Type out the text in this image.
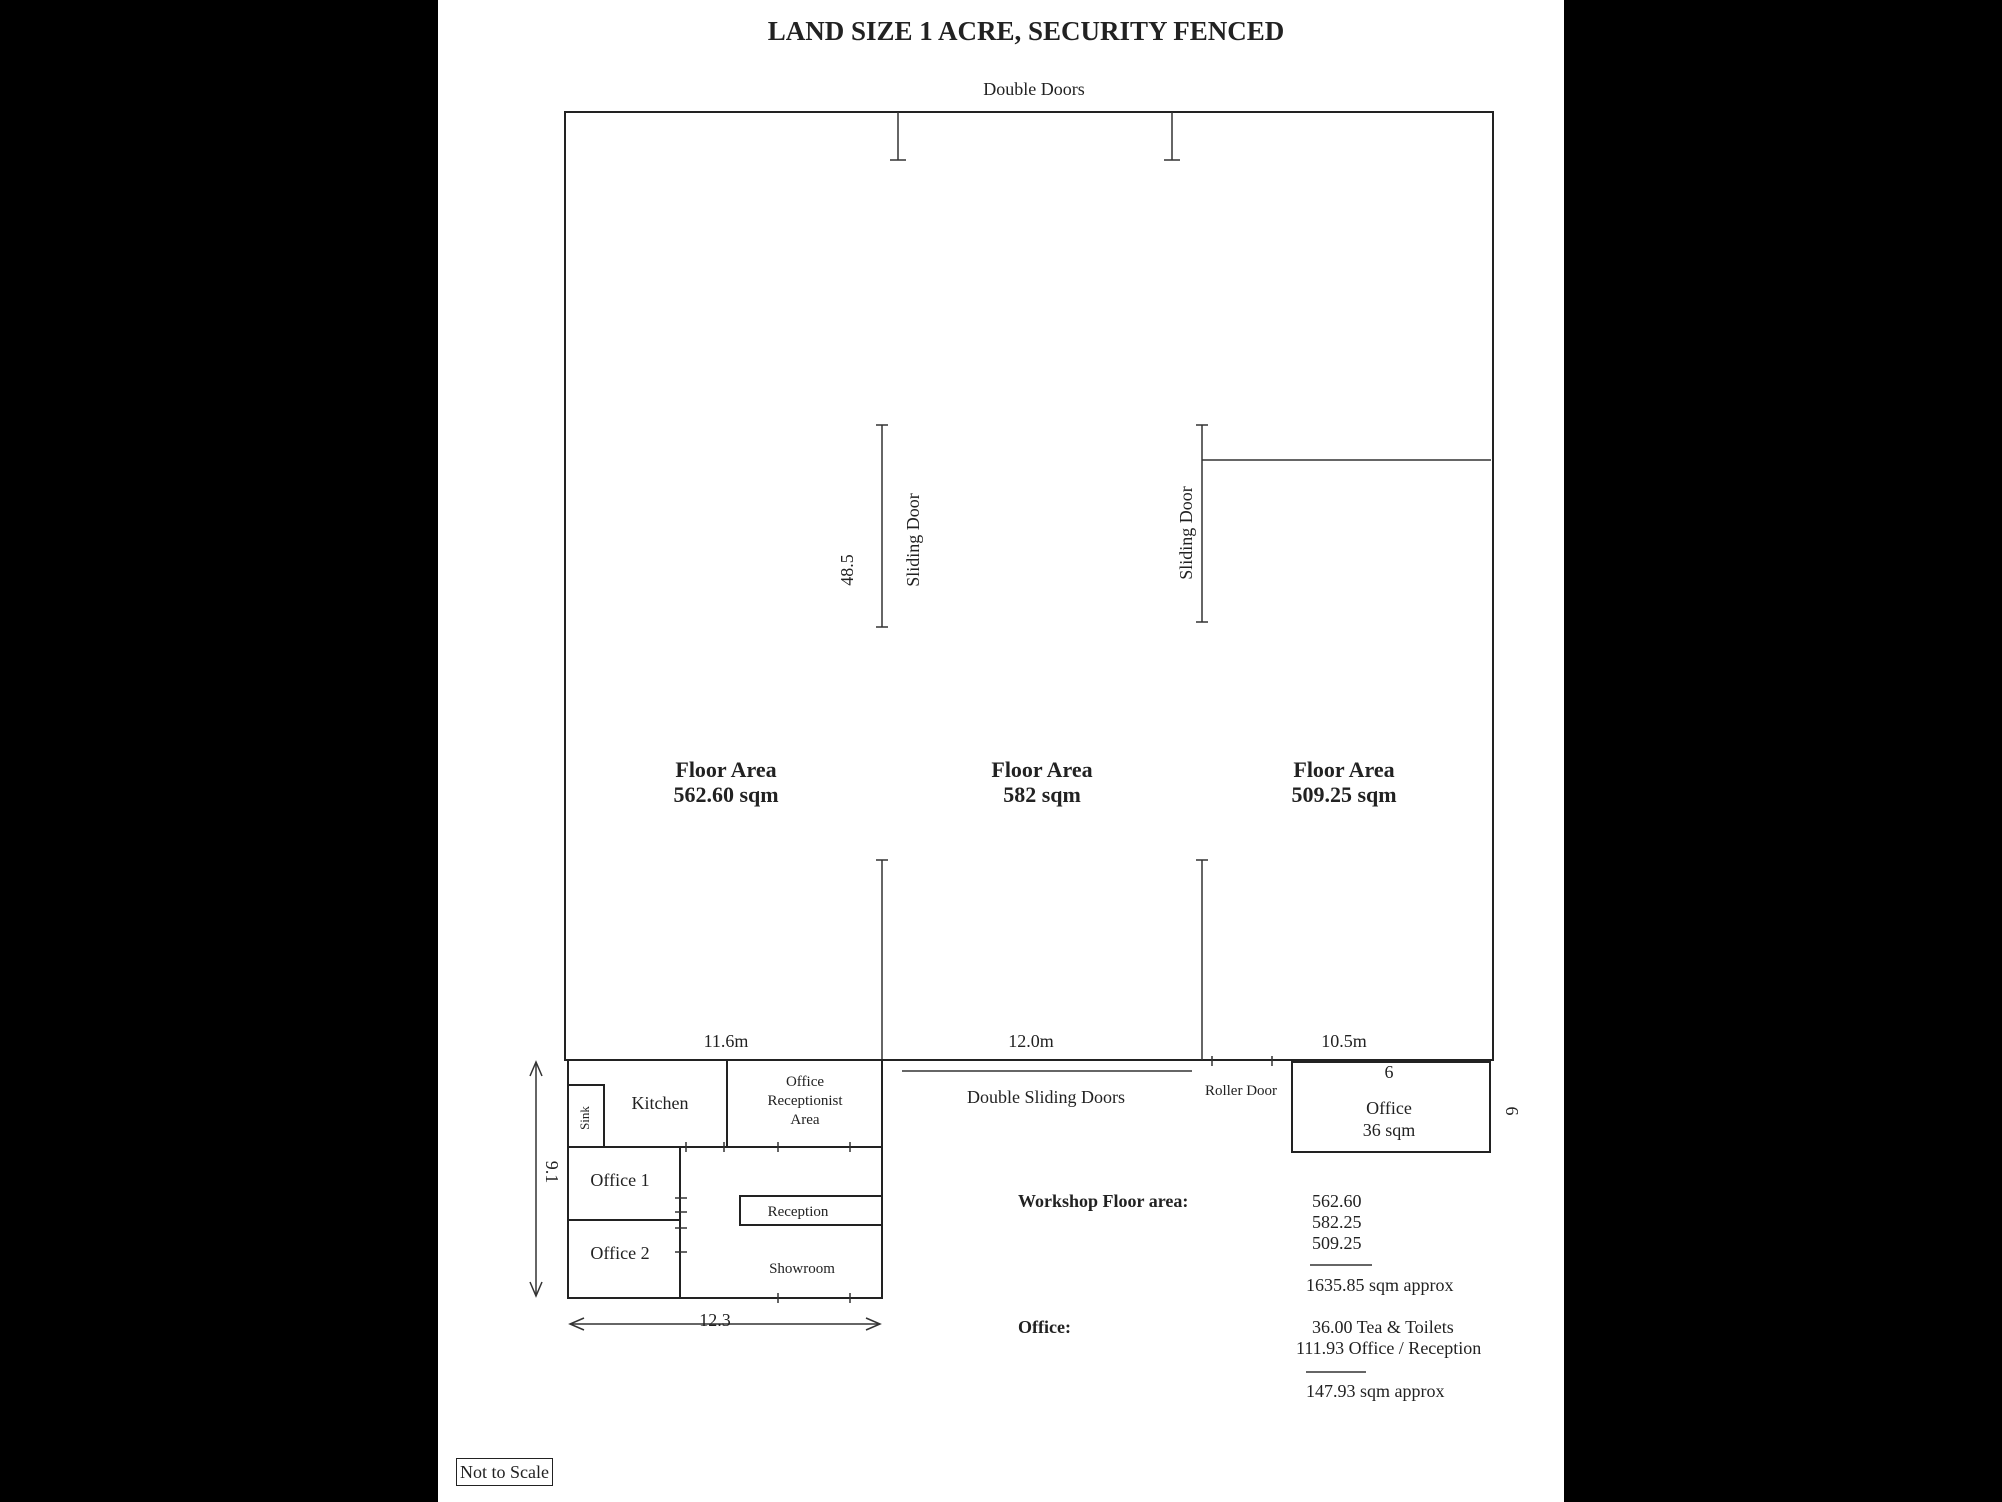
LAND SIZE 1 ACRE, SECURITY FENCED
Double Doors
48.5	Sliding Door	Sliding Door
Floor Area
562.60 sqm
Floor Area
582 sqm
Floor Area
509.25 sqm
11.6m	12.0m	10.5m
Double Sliding Doors	Roller Door
Kitchen
Sink
Office
Receptionist
Area
Office 1
Office 2
Reception
Showroom
9.1
12.3
6
Office
36 sqm
6
Workshop Floor area:	562.60
582.25
509.25
1635.85 sqm approx
Office:	36.00 Tea & Toilets
111.93 Office / Reception
147.93 sqm approx
Not to Scale
